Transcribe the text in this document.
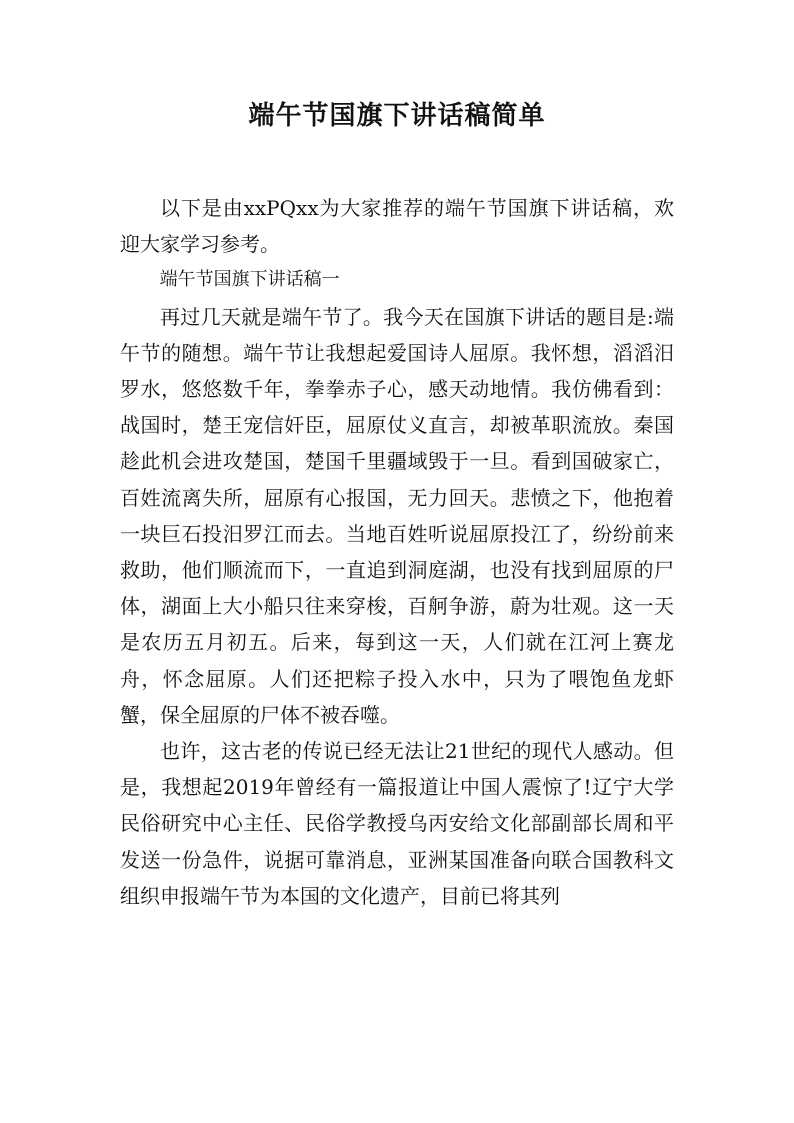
端午节国旗下讲话稿简单

以下是由xxPQxx为大家推荐的端午节国旗下讲话稿，欢迎大家学习参考。

端午节国旗下讲话稿一

再过几天就是端午节了。我今天在国旗下讲话的题目是:端午节的随想。端午节让我想起爱国诗人屈原。我怀想，滔滔汨罗水，悠悠数千年，拳拳赤子心，感天动地情。我仿佛看到：战国时，楚王宠信奸臣，屈原仗义直言，却被革职流放。秦国趁此机会进攻楚国，楚国千里疆域毁于一旦。看到国破家亡，百姓流离失所，屈原有心报国，无力回天。悲愤之下，他抱着一块巨石投汨罗江而去。当地百姓听说屈原投江了，纷纷前来救助，他们顺流而下，一直追到洞庭湖，也没有找到屈原的尸体，湖面上大小船只往来穿梭，百舸争游，蔚为壮观。这一天是农历五月初五。后来，每到这一天，人们就在江河上赛龙舟，怀念屈原。人们还把粽子投入水中，只为了喂饱鱼龙虾蟹，保全屈原的尸体不被吞噬。

也许，这古老的传说已经无法让21世纪的现代人感动。但是，我想起2019年曾经有一篇报道让中国人震惊了!辽宁大学民俗研究中心主任、民俗学教授乌丙安给文化部副部长周和平发送一份急件，说据可靠消息，亚洲某国准备向联合国教科文组织申报端午节为本国的文化遗产，目前已将其列
